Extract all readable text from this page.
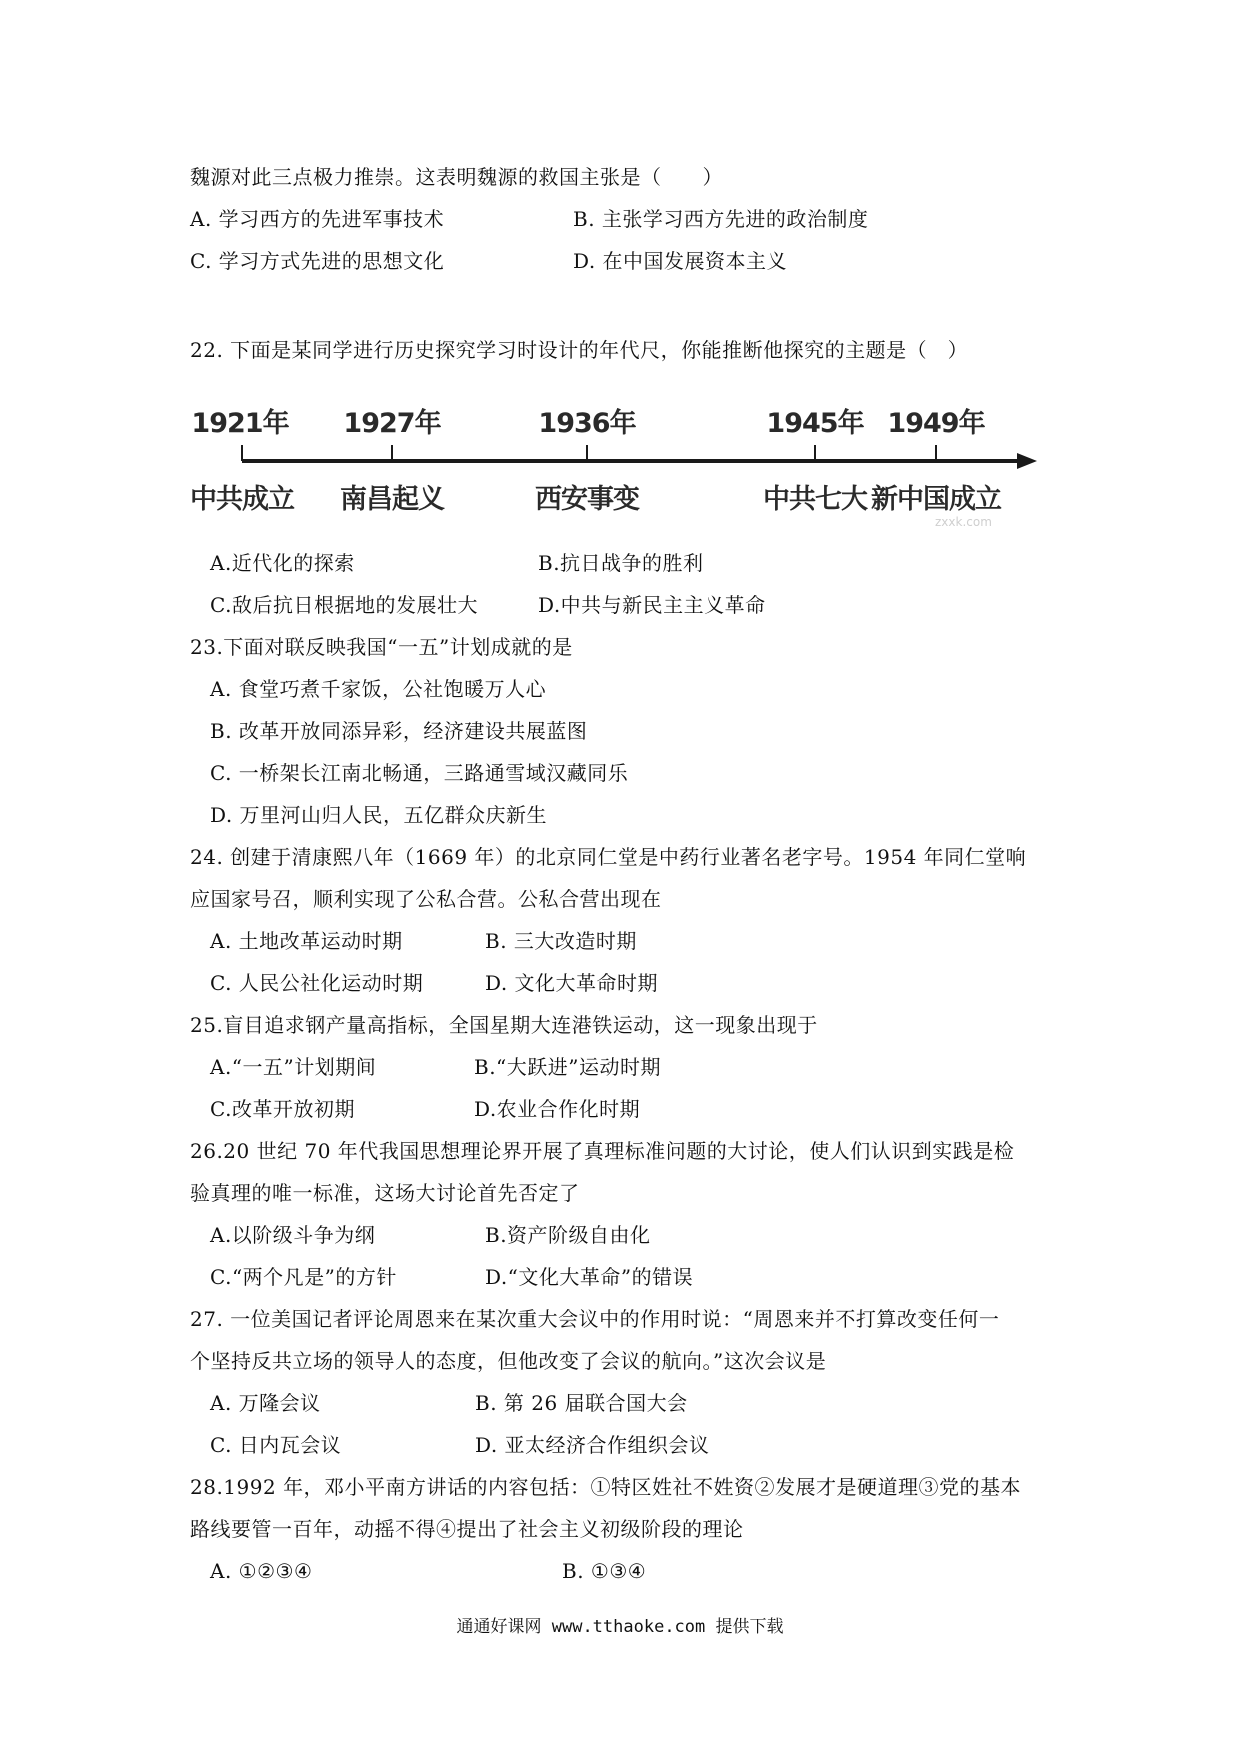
魏源对此三点极力推崇。这表明魏源的救国主张是（　　）
A. 学习西方的先进军事技术	B. 主张学习西方先进的政治制度
C. 学习方式先进的思想文化	D. 在中国发展资本主义
22. 下面是某同学进行历史探究学习时设计的年代尺，你能推断他探究的主题是（　）
1921年 1927年	1936年	1945年 1949年
中共成立 南昌起义	西安事变	中共七大 新中国成立
zxxk.com
A.近代化的探索	B.抗日战争的胜利
C.敌后抗日根据地的发展壮大	D.中共与新民主主义革命
23.下面对联反映我国“一五”计划成就的是
A. 食堂巧煮千家饭，公社饱暖万人心
B. 改革开放同添异彩，经济建设共展蓝图
C. 一桥架长江南北畅通，三路通雪域汉藏同乐
D. 万里河山归人民，五亿群众庆新生
24. 创建于清康熙八年（1669 年）的北京同仁堂是中药行业著名老字号。1954 年同仁堂响
应国家号召，顺利实现了公私合营。公私合营出现在
A. 土地改革运动时期	B. 三大改造时期
C. 人民公社化运动时期	D. 文化大革命时期
25.盲目追求钢产量高指标，全国星期大连港铁运动，这一现象出现于
A.“一五”计划期间	B.“大跃进”运动时期
C.改革开放初期	D.农业合作化时期
26.20 世纪 70 年代我国思想理论界开展了真理标准问题的大讨论，使人们认识到实践是检
验真理的唯一标准，这场大讨论首先否定了
A.以阶级斗争为纲	B.资产阶级自由化
C.“两个凡是”的方针	D.“文化大革命”的错误
27. 一位美国记者评论周恩来在某次重大会议中的作用时说：“周恩来并不打算改变任何一
个坚持反共立场的领导人的态度，但他改变了会议的航向。”这次会议是
A. 万隆会议	B. 第 26 届联合国大会
C. 日内瓦会议	D. 亚太经济合作组织会议
28.1992 年，邓小平南方讲话的内容包括：①特区姓社不姓资②发展才是硬道理③党的基本
路线要管一百年，动摇不得④提出了社会主义初级阶段的理论
A. ①②③④	B. ①③④
通通好课网 www.tthaoke.com 提供下载
